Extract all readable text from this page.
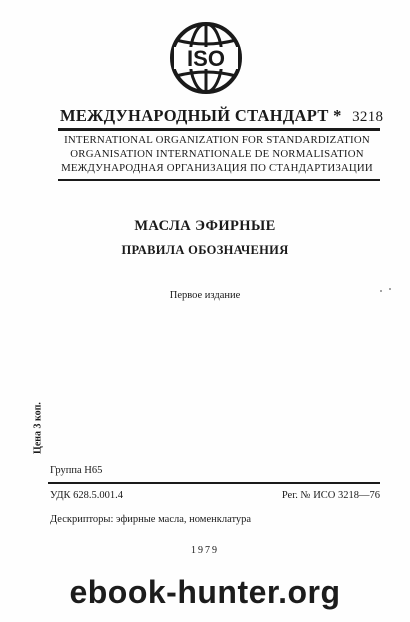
ISO
МЕЖДУНАРОДНЫЙ СТАНДАРТ * 3218
INTERNATIONAL ORGANIZATION FOR STANDARDIZATION
ORGANISATION INTERNATIONALE DE NORMALISATION
МЕЖДУНАРОДНАЯ ОРГАНИЗАЦИЯ ПО СТАНДАРТИЗАЦИИ
МАСЛА ЭФИРНЫЕ
ПРАВИЛА ОБОЗНАЧЕНИЯ
Первое издание
Цена 3 коп.
Группа Н65
УДК 628.5.001.4	Рег. № ИСО 3218—76
Дескрипторы: эфирные масла, номенклатура
1979
ebook-hunter.org
